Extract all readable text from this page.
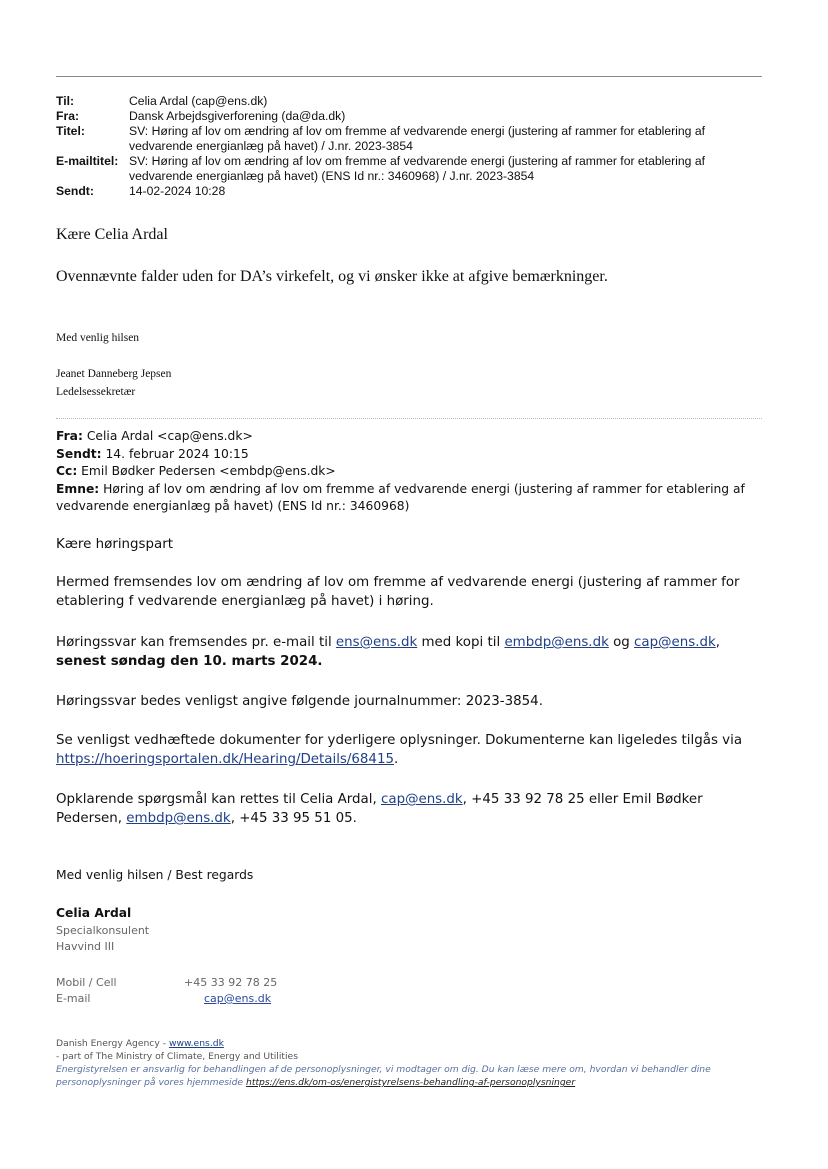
Til:	Celia Ardal (cap@ens.dk)
Fra:	Dansk Arbejdsgiverforening (da@da.dk)
Titel:	SV: Høring af lov om ændring af lov om fremme af vedvarende energi (justering af rammer for etablering af vedvarende energianlæg på havet) / J.nr. 2023-3854
E-mailtitel: SV: Høring af lov om ændring af lov om fremme af vedvarende energi (justering af rammer for etablering af vedvarende energianlæg på havet) (ENS Id nr.: 3460968) / J.nr. 2023-3854
Sendt:	14-02-2024 10:28
Kære Celia Ardal
Ovennævnte falder uden for DA’s virkefelt, og vi ønsker ikke at afgive bemærkninger.
Med venlig hilsen
Jeanet Danneberg Jepsen
Ledelsessekretær
Fra: Celia Ardal <cap@ens.dk>
Sendt: 14. februar 2024 10:15
Cc: Emil Bødker Pedersen <embdp@ens.dk>
Emne: Høring af lov om ændring af lov om fremme af vedvarende energi (justering af rammer for etablering af vedvarende energianlæg på havet) (ENS Id nr.: 3460968)
Kære høringspart
Hermed fremsendes lov om ændring af lov om fremme af vedvarende energi (justering af rammer for etablering f vedvarende energianlæg på havet) i høring.
Høringssvar kan fremsendes pr. e-mail til ens@ens.dk med kopi til embdp@ens.dk og cap@ens.dk, senest søndag den 10. marts 2024.
Høringssvar bedes venligst angive følgende journalnummer: 2023-3854.
Se venligst vedhæftede dokumenter for yderligere oplysninger. Dokumenterne kan ligeledes tilgås via https://hoeringsportalen.dk/Hearing/Details/68415.
Opklarende spørgsmål kan rettes til Celia Ardal, cap@ens.dk, +45 33 92 78 25 eller Emil Bødker Pedersen, embdp@ens.dk, +45 33 95 51 05.
Med venlig hilsen / Best regards
Celia Ardal
Specialkonsulent
Havvind III
Mobil / Cell	+45 33 92 78 25
E-mail	cap@ens.dk
Danish Energy Agency - www.ens.dk
- part of The Ministry of Climate, Energy and Utilities
Energistyrelsen er ansvarlig for behandlingen af de personoplysninger, vi modtager om dig. Du kan læse mere om, hvordan vi behandler dine personoplysninger på vores hjemmeside https://ens.dk/om-os/energistyrelsens-behandling-af-personoplysninger
